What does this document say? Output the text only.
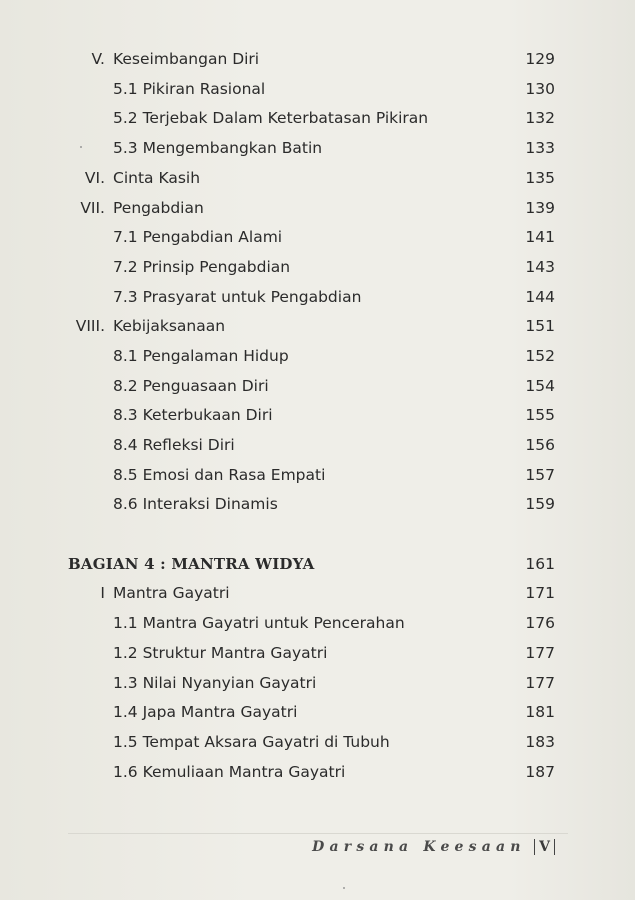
V. Keseimbangan Diri	129
5.1 Pikiran Rasional	130
5.2 Terjebak Dalam Keterbatasan Pikiran	132
5.3 Mengembangkan Batin	133
VI. Cinta Kasih	135
VII. Pengabdian	139
7.1 Pengabdian Alami	141
7.2 Prinsip Pengabdian	143
7.3 Prasyarat untuk Pengabdian	144
VIII. Kebijaksanaan	151
8.1 Pengalaman Hidup	152
8.2 Penguasaan Diri	154
8.3 Keterbukaan Diri	155
8.4 Refleksi Diri	156
8.5 Emosi dan Rasa Empati	157
8.6 Interaksi Dinamis	159
BAGIAN 4 : MANTRA WIDYA	161
I Mantra Gayatri	171
1.1 Mantra Gayatri untuk Pencerahan	176
1.2 Struktur Mantra Gayatri	177
1.3 Nilai Nyanyian Gayatri	177
1.4 Japa Mantra Gayatri	181
1.5 Tempat Aksara Gayatri di Tubuh	183
1.6 Kemuliaan Mantra Gayatri	187
Darsana Keesaan V
